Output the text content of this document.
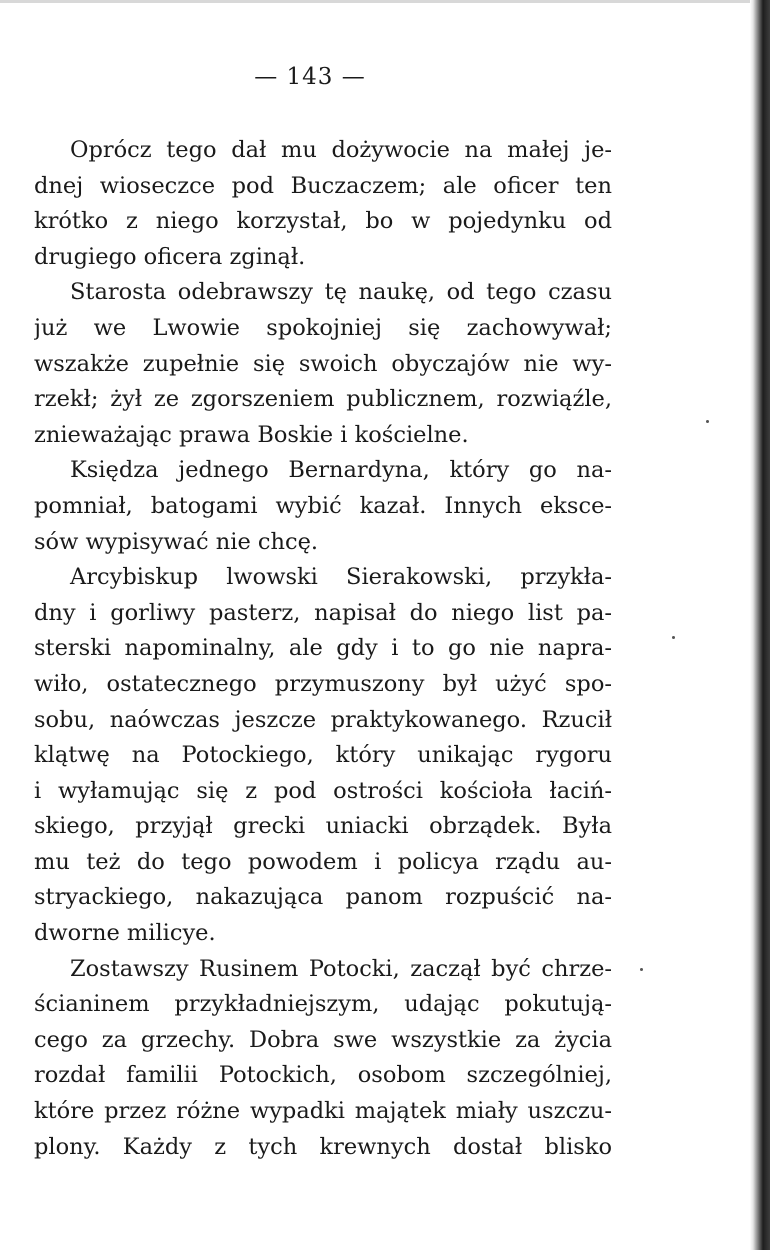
— 143 —
Oprócz tego dał mu dożywocie na małej je-
dnej wioseczce pod Buczaczem; ale oficer ten
krótko z niego korzystał, bo w pojedynku od
drugiego oficera zginął.
Starosta odebrawszy tę naukę, od tego czasu
już we Lwowie spokojniej się zachowywał;
wszakże zupełnie się swoich obyczajów nie wy-
rzekł; żył ze zgorszeniem publicznem, rozwiąźle,
znieważając prawa Boskie i kościelne.
Księdza jednego Bernardyna, który go na-
pomniał, batogami wybić kazał. Innych eksce-
sów wypisywać nie chcę.
Arcybiskup lwowski Sierakowski, przykła-
dny i gorliwy pasterz, napisał do niego list pa-
sterski napominalny, ale gdy i to go nie napra-
wiło, ostatecznego przymuszony był użyć spo-
sobu, naówczas jeszcze praktykowanego. Rzucił
klątwę na Potockiego, który unikając rygoru
i wyłamując się z pod ostrości kościoła łaciń-
skiego, przyjął grecki uniacki obrządek. Była
mu też do tego powodem i policya rządu au-
stryackiego, nakazująca panom rozpuścić na-
dworne milicye.
Zostawszy Rusinem Potocki, zaczął być chrze-
ścianinem przykładniejszym, udając pokutują-
cego za grzechy. Dobra swe wszystkie za życia
rozdał familii Potockich, osobom szczególniej,
które przez różne wypadki majątek miały uszczu-
plony. Każdy z tych krewnych dostał blisko
